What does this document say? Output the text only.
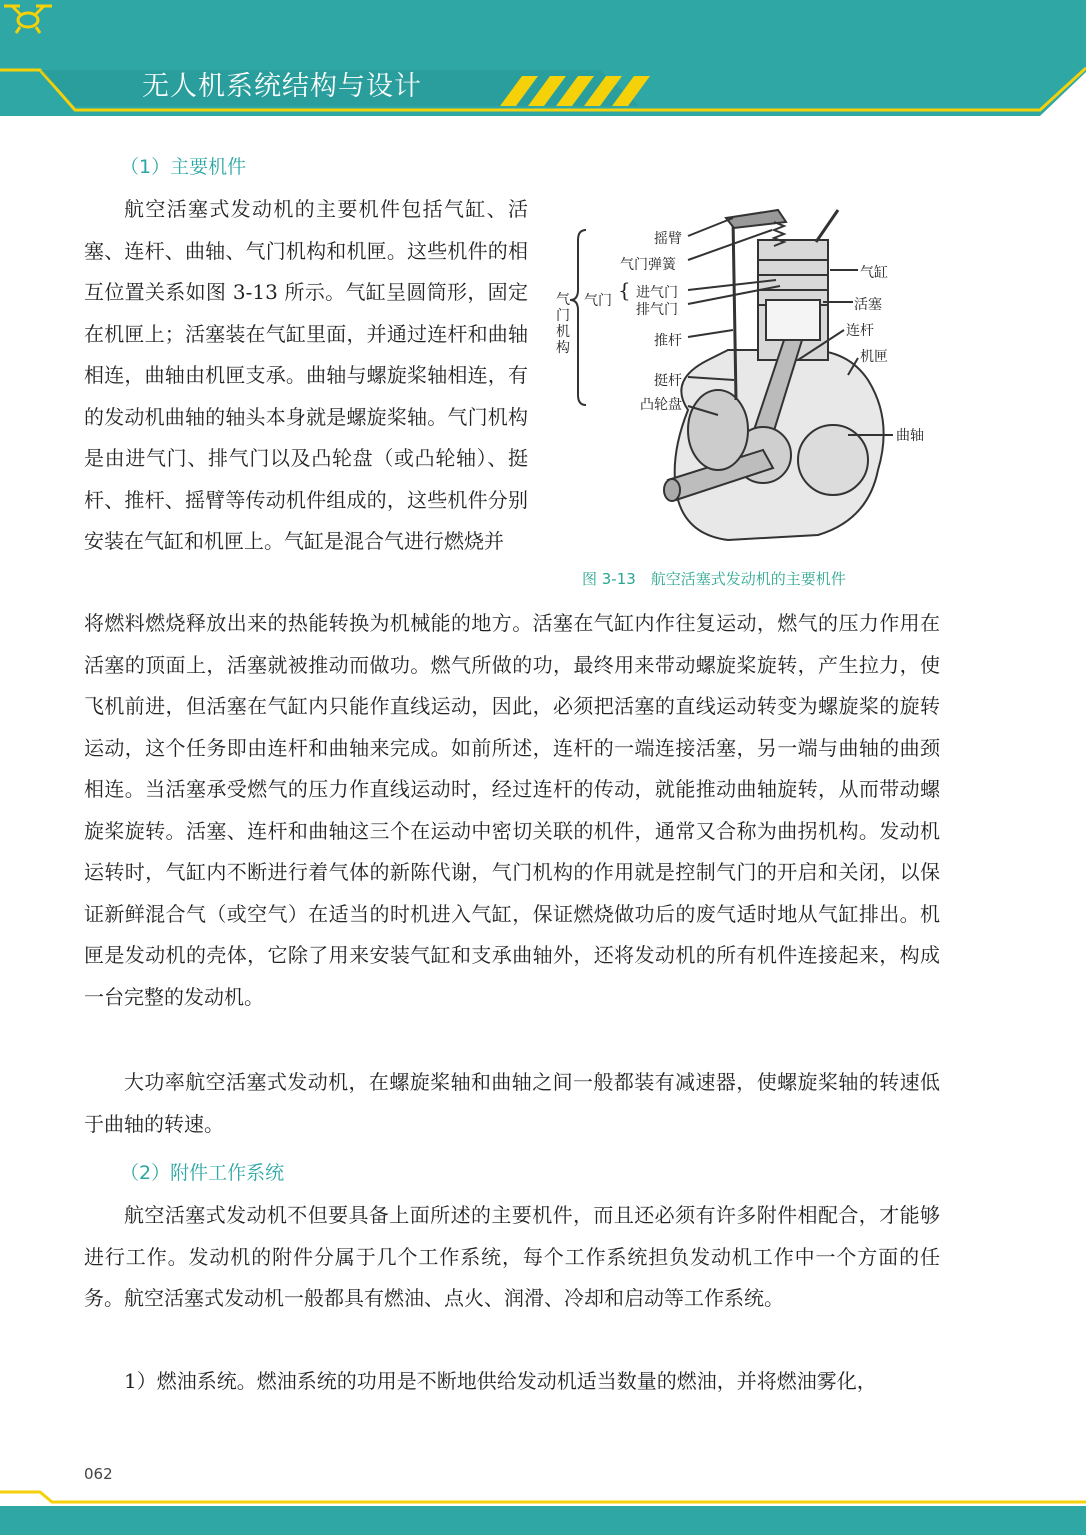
无人机系统结构与设计
（1）主要机件

航空活塞式发动机的主要机件包括气缸、活塞、连杆、曲轴、气门机构和机匣。这些机件的相互位置关系如图 3-13 所示。气缸呈圆筒形，固定在机匣上；活塞装在气缸里面，并通过连杆和曲轴相连，曲轴由机匣支承。曲轴与螺旋桨轴相连，有的发动机曲轴的轴头本身就是螺旋桨轴。气门机构是由进气门、排气门以及凸轮盘（或凸轮轴）、挺杆、推杆、摇臂等传动机件组成的，这些机件分别安装在气缸和机匣上。气缸是混合气进行燃烧并

气门机构
摇臂
气门弹簧
气门 { 进气门
排气门
推杆
挺杆
凸轮盘
气缸
活塞
连杆
机匣
曲轴
图 3-13　航空活塞式发动机的主要机件

将燃料燃烧释放出来的热能转换为机械能的地方。活塞在气缸内作往复运动，燃气的压力作用在活塞的顶面上，活塞就被推动而做功。燃气所做的功，最终用来带动螺旋桨旋转，产生拉力，使飞机前进，但活塞在气缸内只能作直线运动，因此，必须把活塞的直线运动转变为螺旋桨的旋转运动，这个任务即由连杆和曲轴来完成。如前所述，连杆的一端连接活塞，另一端与曲轴的曲颈相连。当活塞承受燃气的压力作直线运动时，经过连杆的传动，就能推动曲轴旋转，从而带动螺旋桨旋转。活塞、连杆和曲轴这三个在运动中密切关联的机件，通常又合称为曲拐机构。发动机运转时，气缸内不断进行着气体的新陈代谢，气门机构的作用就是控制气门的开启和关闭，以保证新鲜混合气（或空气）在适当的时机进入气缸，保证燃烧做功后的废气适时地从气缸排出。机匣是发动机的壳体，它除了用来安装气缸和支承曲轴外，还将发动机的所有机件连接起来，构成一台完整的发动机。

大功率航空活塞式发动机，在螺旋桨轴和曲轴之间一般都装有减速器，使螺旋桨轴的转速低于曲轴的转速。

（2）附件工作系统

航空活塞式发动机不但要具备上面所述的主要机件，而且还必须有许多附件相配合，才能够进行工作。发动机的附件分属于几个工作系统，每个工作系统担负发动机工作中一个方面的任务。航空活塞式发动机一般都具有燃油、点火、润滑、冷却和启动等工作系统。

1）燃油系统。燃油系统的功用是不断地供给发动机适当数量的燃油，并将燃油雾化，

062
